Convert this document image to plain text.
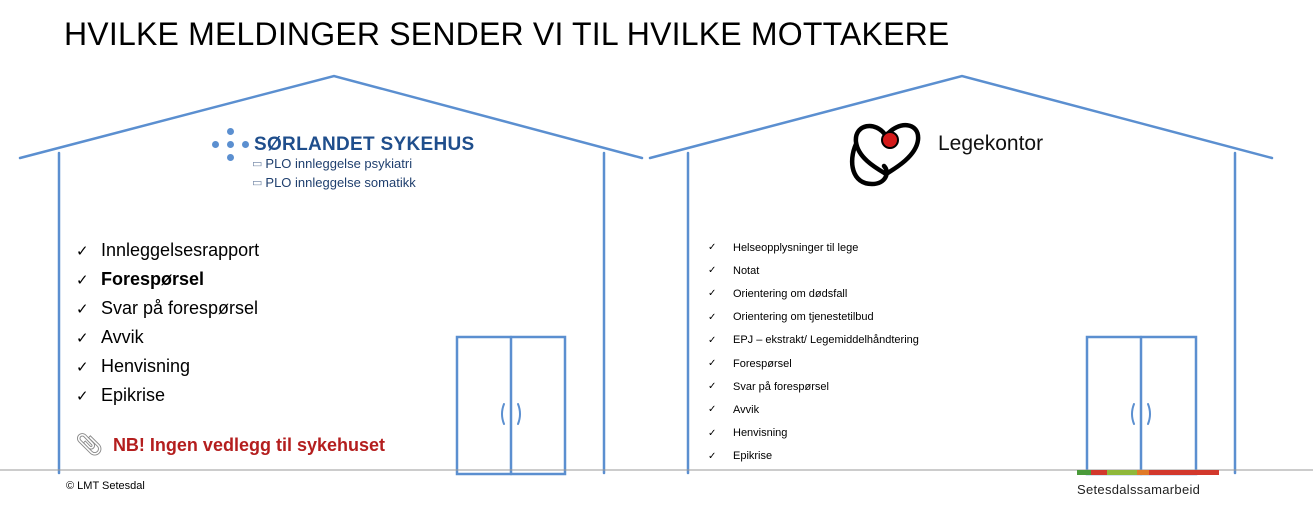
HVILKE MELDINGER SENDER VI TIL HVILKE MOTTAKERE
SØRLANDET SYKEHUS
▭ PLO innleggelse psykiatri
▭ PLO innleggelse somatikk
✓ Innleggelsesrapport
✓ Forespørsel
✓ Svar på forespørsel
✓ Avvik
✓ Henvisning
✓ Epikrise
📎︎ NB! Ingen vedlegg til sykehuset
Legekontor
✓	Helseopplysninger til lege
✓	Notat
✓	Orientering om dødsfall
✓	Orientering om tjenestetilbud
✓	EPJ – ekstrakt/ Legemiddelhåndtering
✓	Forespørsel
✓	Svar på forespørsel
✓	Avvik
✓	Henvisning
✓	Epikrise
© LMT Setesdal	Setesdalssamarbeid
